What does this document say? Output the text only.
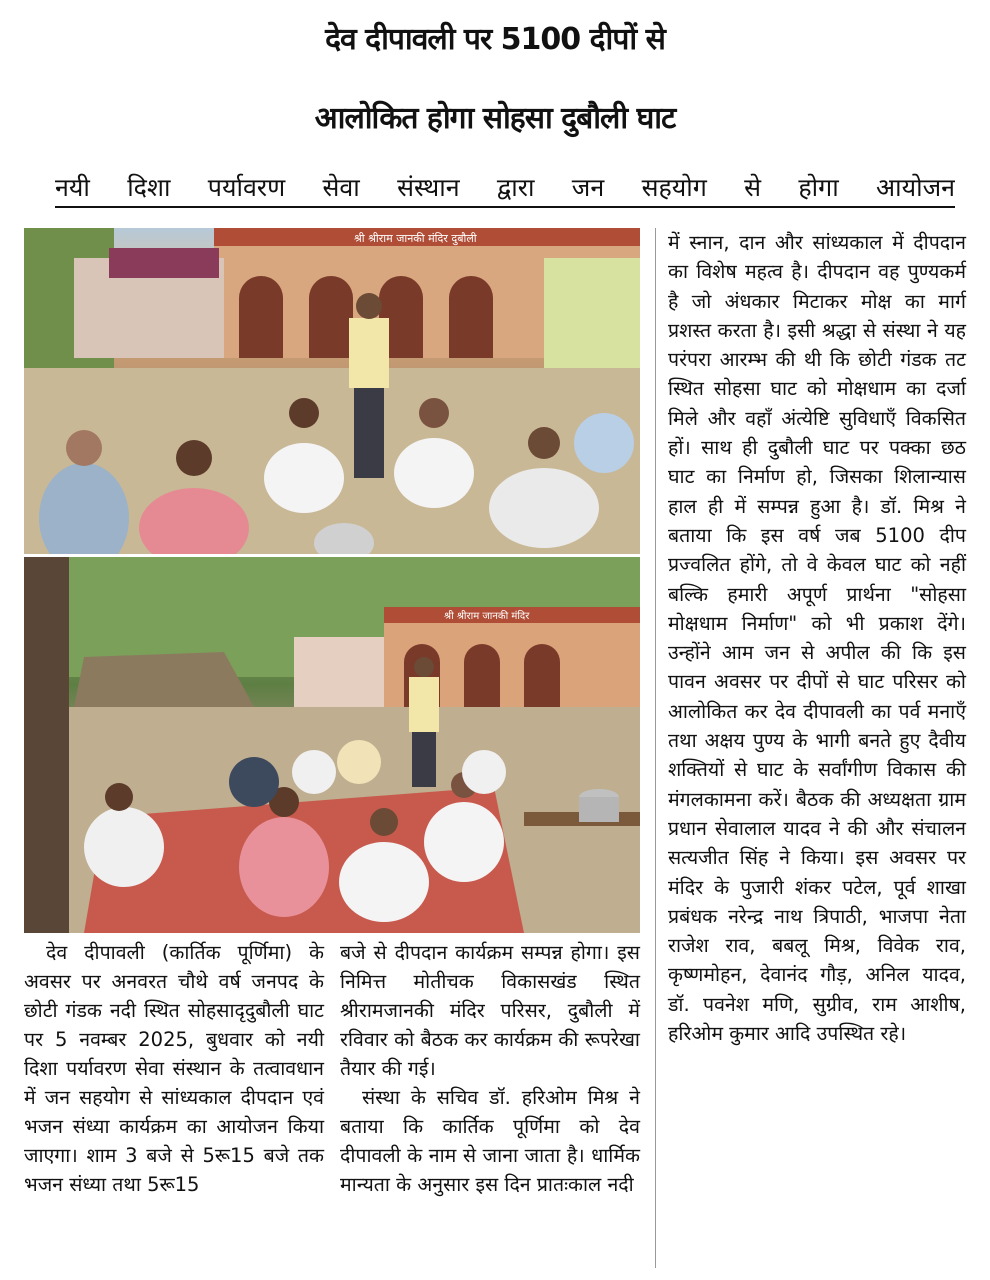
देव दीपावली पर 5100 दीपों से
आलोकित होगा सोहसा दुबौली घाट
नयी दिशा पर्यावरण सेवा संस्थान द्वारा जन सहयोग से होगा आयोजन
श्री श्रीराम जानकी मंदिर दुबौली
श्री श्रीराम जानकी मंदिर

देव दीपावली (कार्तिक पूर्णिमा) के अवसर पर अनवरत चौथे वर्ष जनपद के छोटी गंडक नदी स्थित सोहसादृदुबौली घाट पर 5 नवम्बर 2025, बुधवार को नयी दिशा पर्यावरण सेवा संस्थान के तत्वावधान में जन सहयोग से सांध्यकाल दीपदान एवं भजन संध्या कार्यक्रम का आयोजन किया जाएगा। शाम 3 बजे से 5रू15 बजे तक भजन संध्या तथा 5रू15

बजे से दीपदान कार्यक्रम सम्पन्न होगा। इस निमित्त मोतीचक विकासखंड स्थित श्रीरामजानकी मंदिर परिसर, दुबौली में रविवार को बैठक कर कार्यक्रम की रूपरेखा तैयार की गई।

संस्था के सचिव डॉ. हरिओम मिश्र ने बताया कि कार्तिक पूर्णिमा को देव दीपावली के नाम से जाना जाता है। धार्मिक मान्यता के अनुसार इस दिन प्रातःकाल नदी

में स्नान, दान और सांध्यकाल में दीपदान का विशेष महत्व है। दीपदान वह पुण्यकर्म है जो अंधकार मिटाकर मोक्ष का मार्ग प्रशस्त करता है। इसी श्रद्धा से संस्था ने यह परंपरा आरम्भ की थी कि छोटी गंडक तट स्थित सोहसा घाट को मोक्षधाम का दर्जा मिले और वहाँ अंत्येष्टि सुविधाएँ विकसित हों। साथ ही दुबौली घाट पर पक्का छठ घाट का निर्माण हो, जिसका शिलान्यास हाल ही में सम्पन्न हुआ है। डॉ. मिश्र ने बताया कि इस वर्ष जब 5100 दीप प्रज्वलित होंगे, तो वे केवल घाट को नहीं बल्कि हमारी अपूर्ण प्रार्थना "सोहसा मोक्षधाम निर्माण" को भी प्रकाश देंगे। उन्होंने आम जन से अपील की कि इस पावन अवसर पर दीपों से घाट परिसर को आलोकित कर देव दीपावली का पर्व मनाएँ तथा अक्षय पुण्य के भागी बनते हुए दैवीय शक्तियों से घाट के सर्वांगीण विकास की मंगलकामना करें। बैठक की अध्यक्षता ग्राम प्रधान सेवालाल यादव ने की और संचालन सत्यजीत सिंह ने किया। इस अवसर पर मंदिर के पुजारी शंकर पटेल, पूर्व शाखा प्रबंधक नरेन्द्र नाथ त्रिपाठी, भाजपा नेता राजेश राव, बबलू मिश्र, विवेक राव, कृष्णमोहन, देवानंद गौड़, अनिल यादव, डॉ. पवनेश मणि, सुग्रीव, राम आशीष, हरिओम कुमार आदि उपस्थित रहे।
